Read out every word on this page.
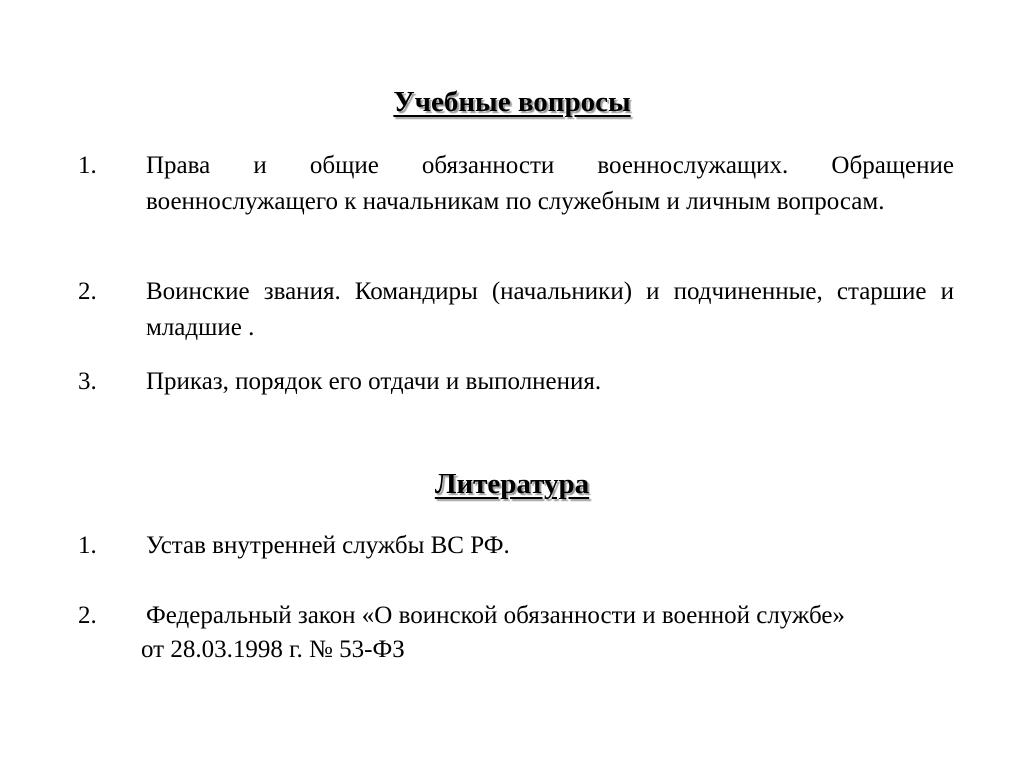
Учебные вопросы
1.	Права и общие обязанности военнослужащих. Обращение военнослужащего к начальникам по служебным и личным вопросам.
2.	Воинские звания. Командиры (начальники) и подчиненные, старшие и младшие .
3.	Приказ, порядок его отдачи и выполнения.
Литература
1.	Устав внутренней службы ВС РФ.
2.	Федеральный закон «О воинской обязанности и военной службе»
от 28.03.1998 г. № 53-ФЗ
